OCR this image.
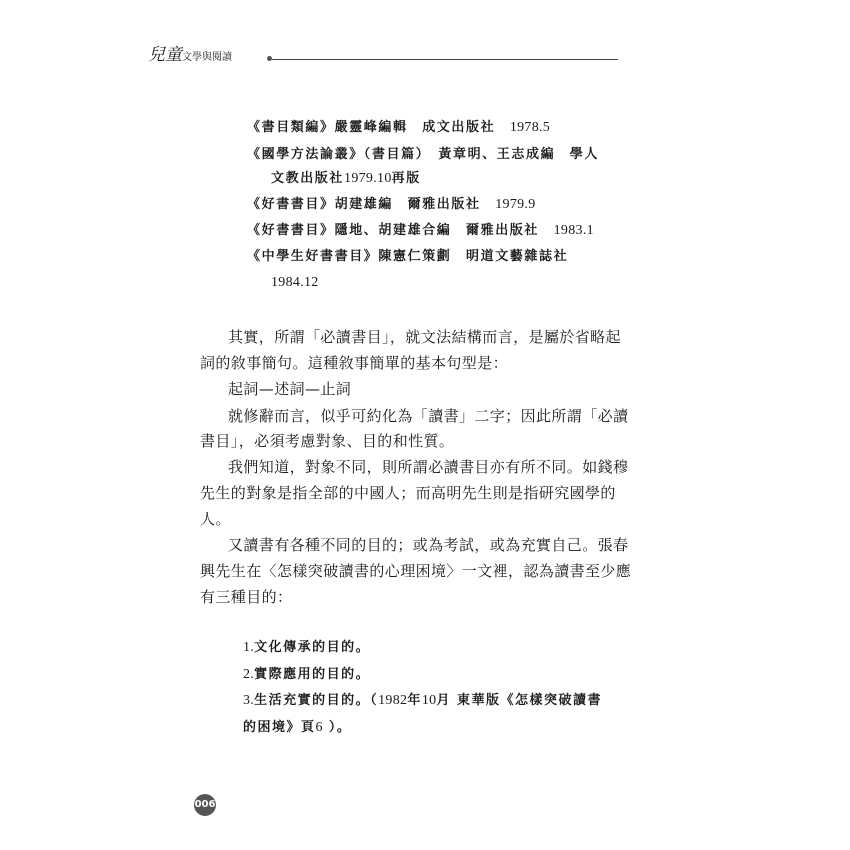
兒童文學與閱讀
《書目類編》嚴靈峰編輯　成文出版社　 1978.5
《國學方法論叢》（書目篇）　黃章明、王志成編　學人
文教出版社1979.10再版
《好書書目》胡建雄編　爾雅出版社　 1979.9
《好書書目》隱地、胡建雄合編　爾雅出版社　 1983.1
《中學生好書書目》陳憲仁策劃　明道文藝雜誌社
1984.12
其實，所謂「必讀書目」，就文法結構而言，是屬於省略起
詞的敘事簡句。這種敘事簡單的基本句型是：
起詞—述詞—止詞
就修辭而言，似乎可約化為「讀書」二字；因此所謂「必讀
書目」，必須考慮對象、目的和性質。
我們知道，對象不同，則所謂必讀書目亦有所不同。如錢穆
先生的對象是指全部的中國人；而高明先生則是指研究國學的
人。
又讀書有各種不同的目的；或為考試，或為充實自己。張春
興先生在〈怎樣突破讀書的心理困境〉一文裡，認為讀書至少應
有三種目的：
1.文化傳承的目的。
2.實際應用的目的。
3.生活充實的目的。（1982年10月 東華版《怎樣突破讀書
的困境》頁6 ）。
006
